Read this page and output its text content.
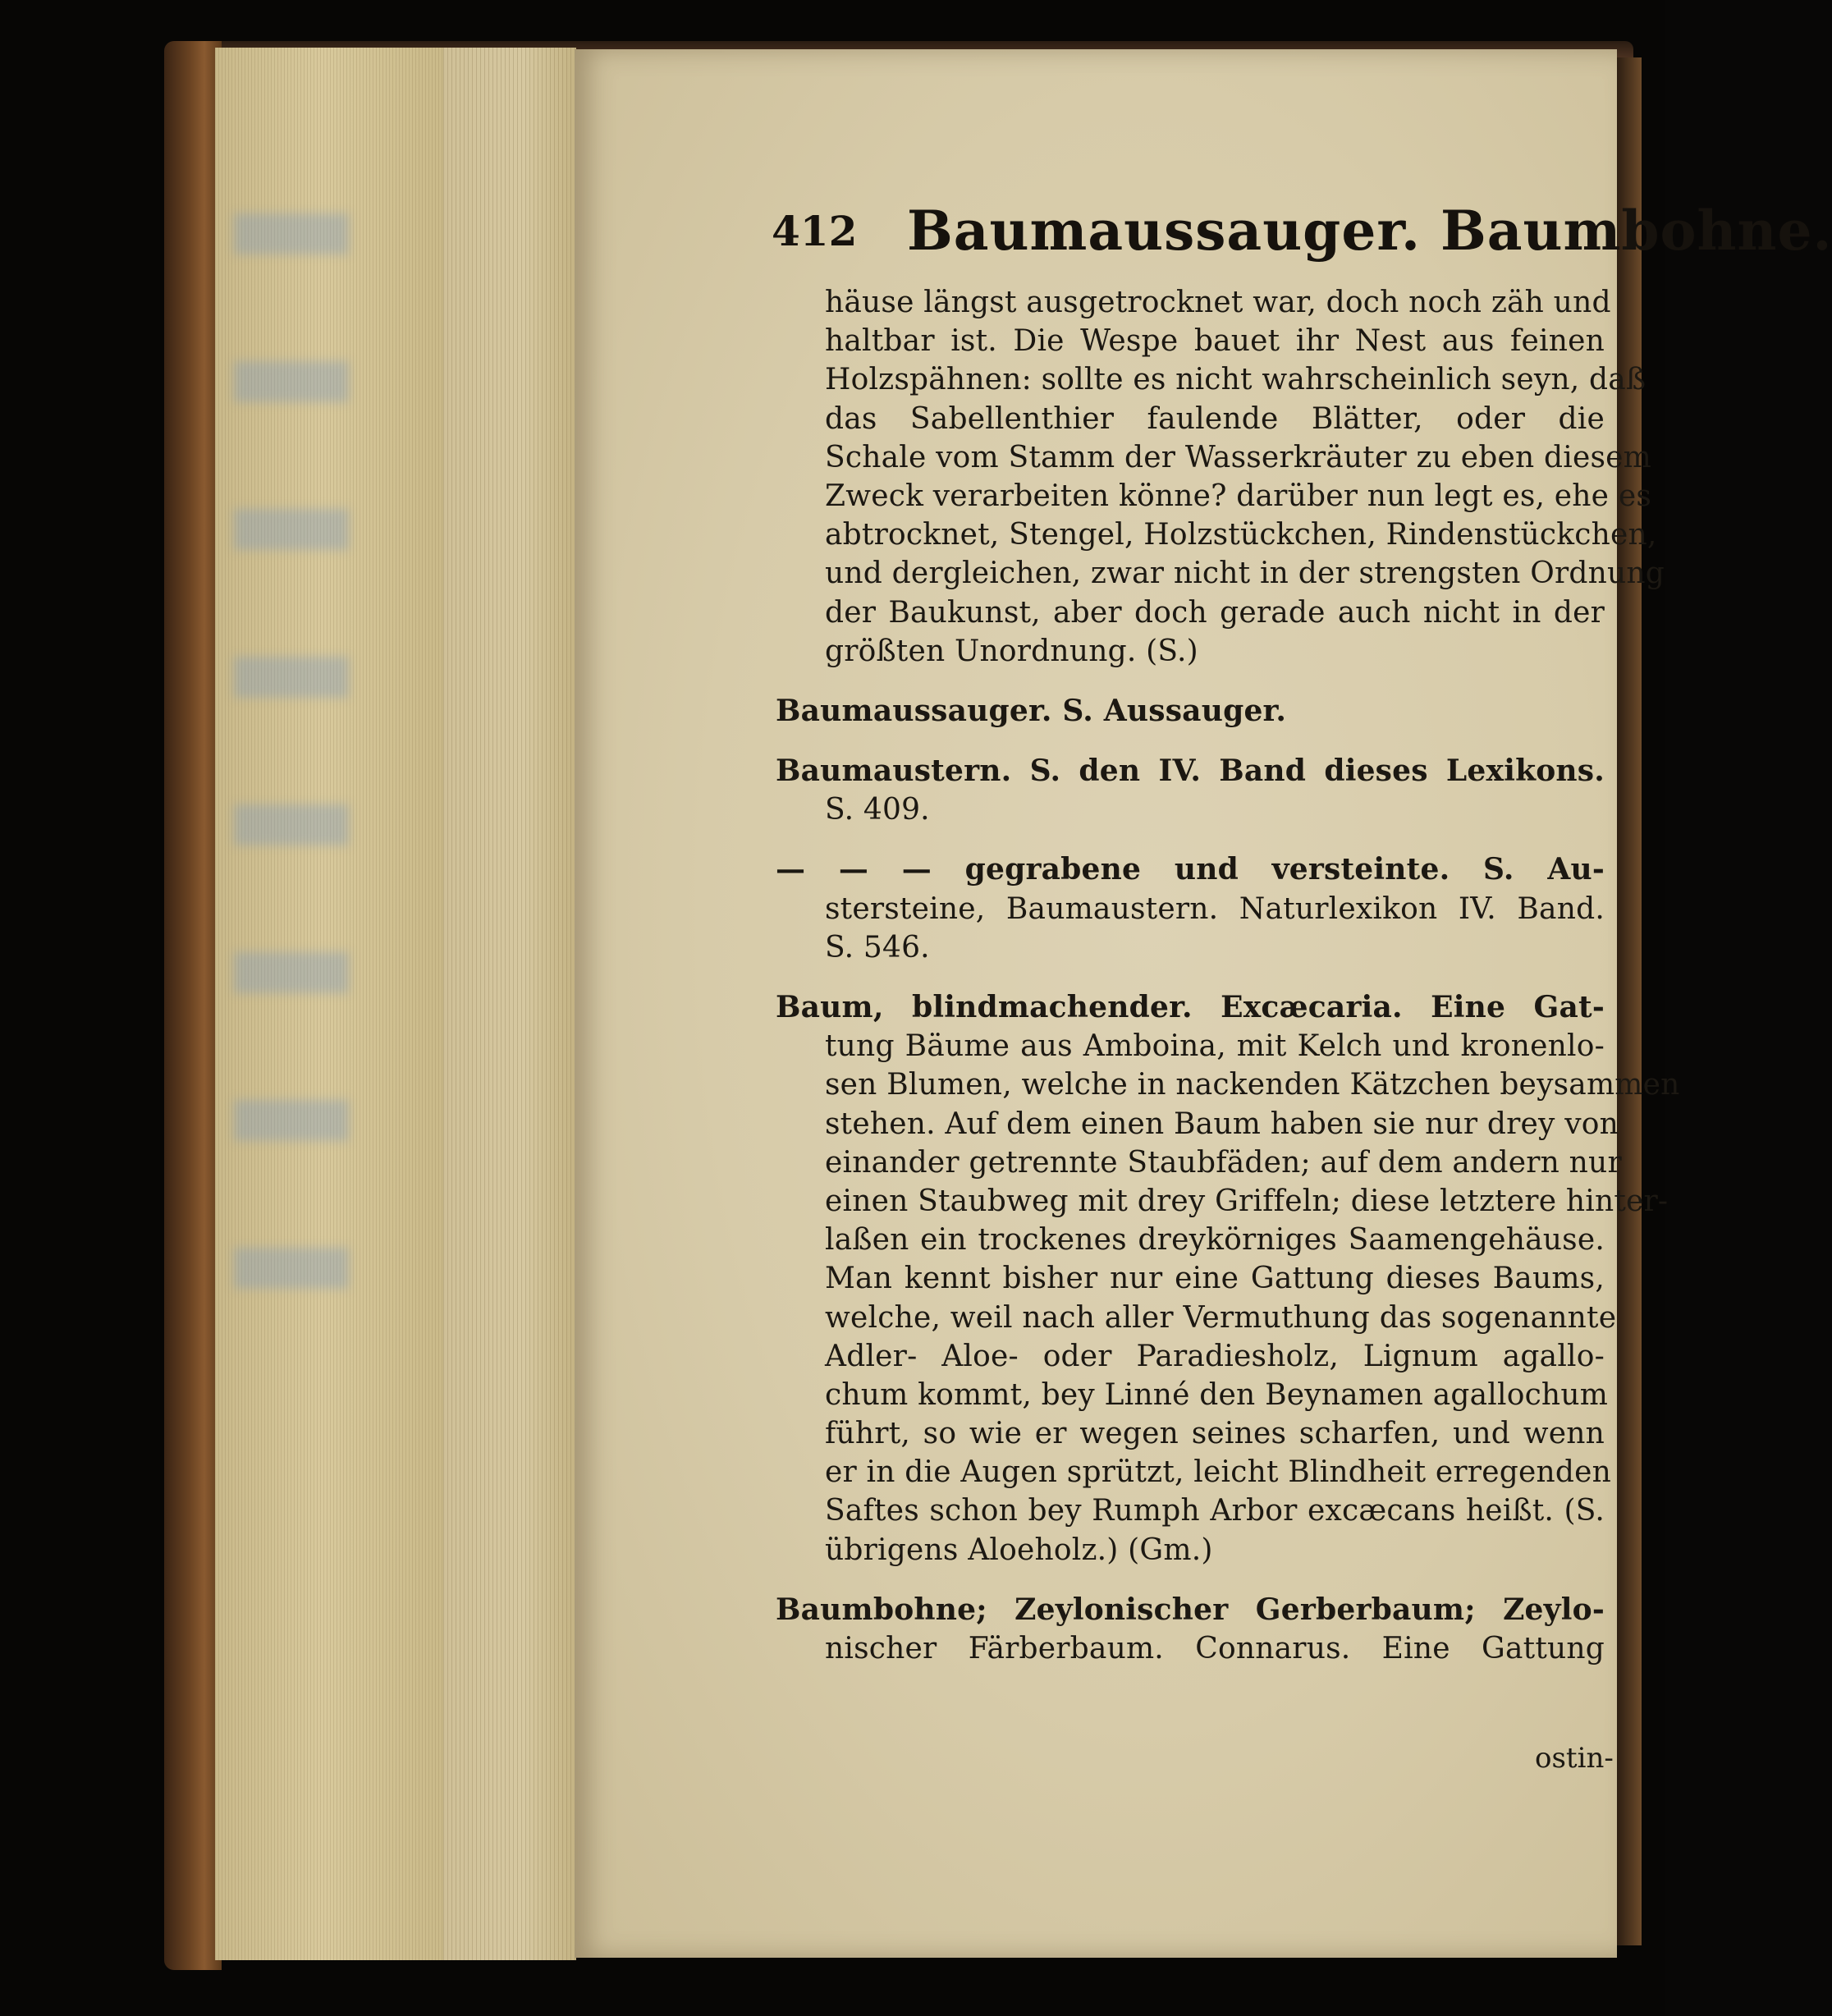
412 Baumaussauger. Baumbohne.
häuse längst ausgetrocknet war, doch noch zäh und
haltbar ist. Die Wespe bauet ihr Nest aus feinen
Holzspähnen: sollte es nicht wahrscheinlich seyn, daß
das Sabellenthier faulende Blätter, oder die
Schale vom Stamm der Wasserkräuter zu eben diesem
Zweck verarbeiten könne? darüber nun legt es, ehe es
abtrocknet, Stengel, Holzstückchen, Rindenstückchen,
und dergleichen, zwar nicht in der strengsten Ordnung
der Baukunst, aber doch gerade auch nicht in der
größten Unordnung. (S.)
Baumaussauger. S. Aussauger.
Baumaustern. S. den IV. Band dieses Lexikons.
S. 409.
— — — gegrabene und versteinte. S. Au-
stersteine, Baumaustern. Naturlexikon IV. Band.
S. 546.
Baum, blindmachender. Excæcaria. Eine Gat-
tung Bäume aus Amboina, mit Kelch und kronenlo-
sen Blumen, welche in nackenden Kätzchen beysammen
stehen. Auf dem einen Baum haben sie nur drey von
einander getrennte Staubfäden; auf dem andern nur
einen Staubweg mit drey Griffeln; diese letztere hinter-
laßen ein trockenes dreykörniges Saamengehäuse.
Man kennt bisher nur eine Gattung dieses Baums,
welche, weil nach aller Vermuthung das sogenannte
Adler- Aloe- oder Paradiesholz, Lignum agallo-
chum kommt, bey Linné den Beynamen agallochum
führt, so wie er wegen seines scharfen, und wenn
er in die Augen sprützt, leicht Blindheit erregenden
Saftes schon bey Rumph Arbor excæcans heißt. (S.
übrigens Aloeholz.) (Gm.)
Baumbohne; Zeylonischer Gerberbaum; Zeylo-
nischer Färberbaum. Connarus. Eine Gattung
ostin-
